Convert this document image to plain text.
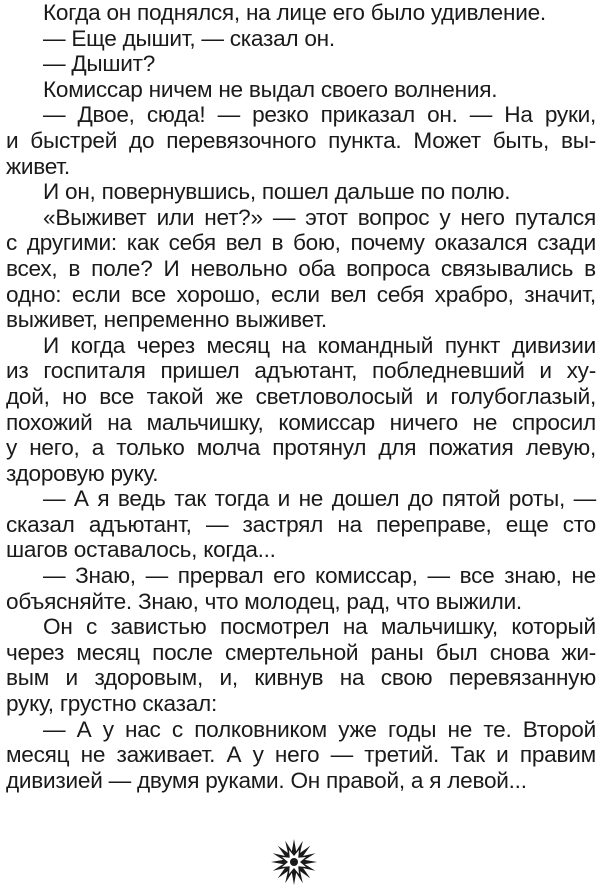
Когда он поднялся, на лице его было удивление.
— Еще дышит, — сказал он.
— Дышит?
Комиссар ничем не выдал своего волнения.
— Двое, сюда! — резко приказал он. — На руки,
и быстрей до перевязочного пункта. Может быть, вы-
живет.
И он, повернувшись, пошел дальше по полю.
«Выживет или нет?» — этот вопрос у него путался
с другими: как себя вел в бою, почему оказался сзади
всех, в поле? И невольно оба вопроса связывались в
одно: если все хорошо, если вел себя храбро, значит,
выживет, непременно выживет.
И когда через месяц на командный пункт дивизии
из госпиталя пришел адъютант, побледневший и ху-
дой, но все такой же светловолосый и голубоглазый,
похожий на мальчишку, комиссар ничего не спросил
у него, а только молча протянул для пожатия левую,
здоровую руку.
— А я ведь так тогда и не дошел до пятой роты, —
сказал адъютант, — застрял на переправе, еще сто
шагов оставалось, когда...
— Знаю, — прервал его комиссар, — все знаю, не
объясняйте. Знаю, что молодец, рад, что выжили.
Он с завистью посмотрел на мальчишку, который
через месяц после смертельной раны был снова жи-
вым и здоровым, и, кивнув на свою перевязанную
руку, грустно сказал:
— А у нас с полковником уже годы не те. Второй
месяц не заживает. А у него — третий. Так и правим
дивизией — двумя руками. Он правой, а я левой...
